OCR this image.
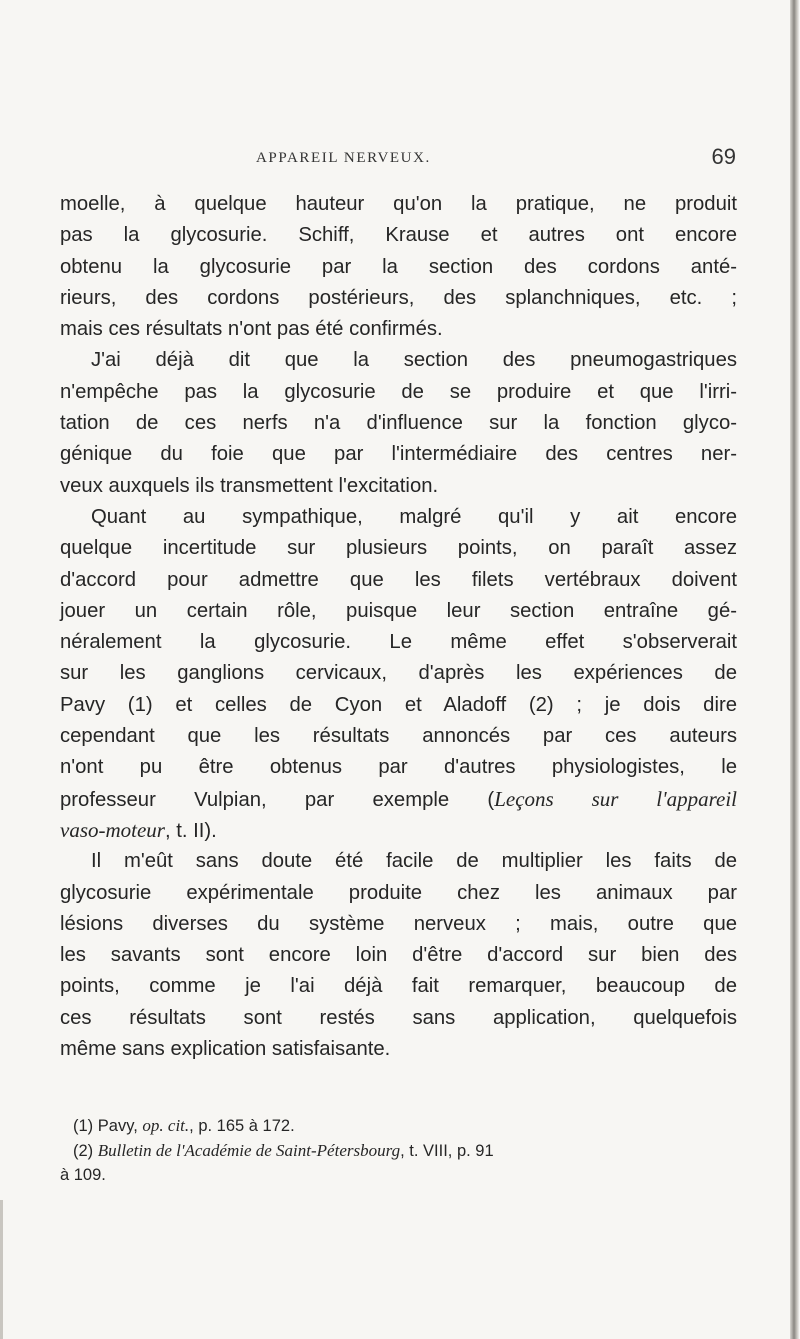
APPAREIL NERVEUX.	69
moelle, à quelque hauteur qu'on la pratique, ne produit
pas la glycosurie. Schiff, Krause et autres ont encore
obtenu la glycosurie par la section des cordons anté-
rieurs, des cordons postérieurs, des splanchniques, etc. ;
mais ces résultats n'ont pas été confirmés.
J'ai déjà dit que la section des pneumogastriques
n'empêche pas la glycosurie de se produire et que l'irri-
tation de ces nerfs n'a d'influence sur la fonction glyco-
génique du foie que par l'intermédiaire des centres ner-
veux auxquels ils transmettent l'excitation.
Quant au sympathique, malgré qu'il y ait encore
quelque incertitude sur plusieurs points, on paraît assez
d'accord pour admettre que les filets vertébraux doivent
jouer un certain rôle, puisque leur section entraîne gé-
néralement la glycosurie. Le même effet s'observerait
sur les ganglions cervicaux, d'après les expériences de
Pavy (1) et celles de Cyon et Aladoff (2) ; je dois dire
cependant que les résultats annoncés par ces auteurs
n'ont pu être obtenus par d'autres physiologistes, le
professeur Vulpian, par exemple (Leçons sur l'appareil
vaso-moteur, t. II).
Il m'eût sans doute été facile de multiplier les faits de
glycosurie expérimentale produite chez les animaux par
lésions diverses du système nerveux ; mais, outre que
les savants sont encore loin d'être d'accord sur bien des
points, comme je l'ai déjà fait remarquer, beaucoup de
ces résultats sont restés sans application, quelquefois
même sans explication satisfaisante.
(1) Pavy, op. cit., p. 165 à 172.
(2) Bulletin de l'Académie de Saint-Pétersbourg, t. VIII, p. 91
à 109.
